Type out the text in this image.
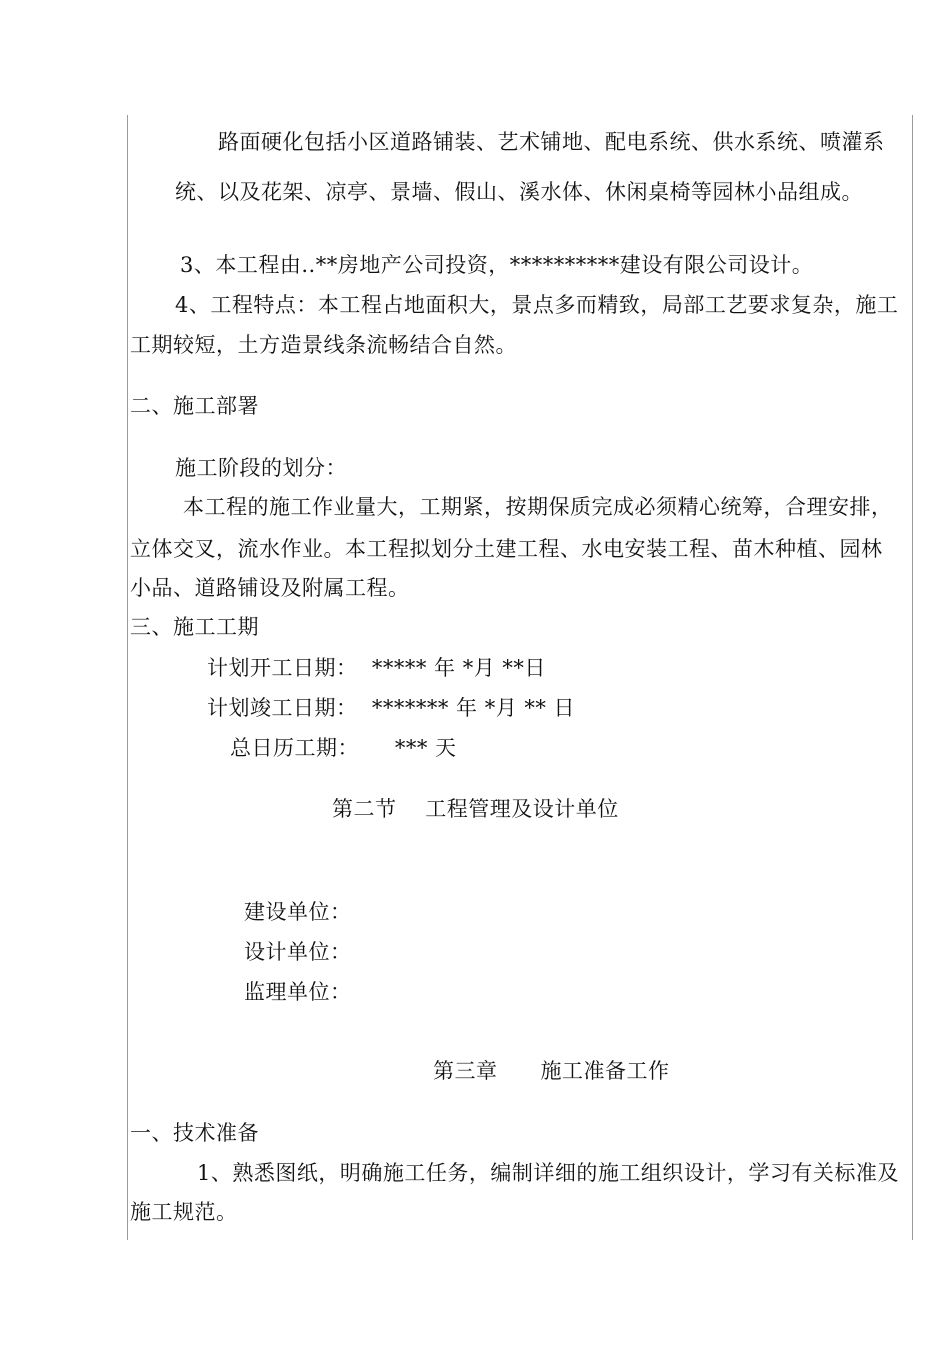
路面硬化包括小区道路铺装、艺术铺地、配电系统、供水系统、喷灌系
统、以及花架、凉亭、景墙、假山、溪水体、休闲桌椅等园林小品组成。
3、本工程由..**房地产公司投资，**********建设有限公司设计。
4、工程特点：本工程占地面积大，景点多而精致，局部工艺要求复杂，施工
工期较短，土方造景线条流畅结合自然。
二、施工部署
施工阶段的划分：
本工程的施工作业量大，工期紧，按期保质完成必须精心统筹，合理安排，
立体交叉，流水作业。本工程拟划分土建工程、水电安装工程、苗木种植、园林
小品、道路铺设及附属工程。
三、施工工期
计划开工日期：  ***** 年 *月 **日
计划竣工日期：  ******* 年 *月 ** 日
总日历工期：     *** 天
第二节    工程管理及设计单位
建设单位：
设计单位：
监理单位：
第三章      施工准备工作
一、技术准备
1、熟悉图纸，明确施工任务，编制详细的施工组织设计，学习有关标准及
施工规范。
